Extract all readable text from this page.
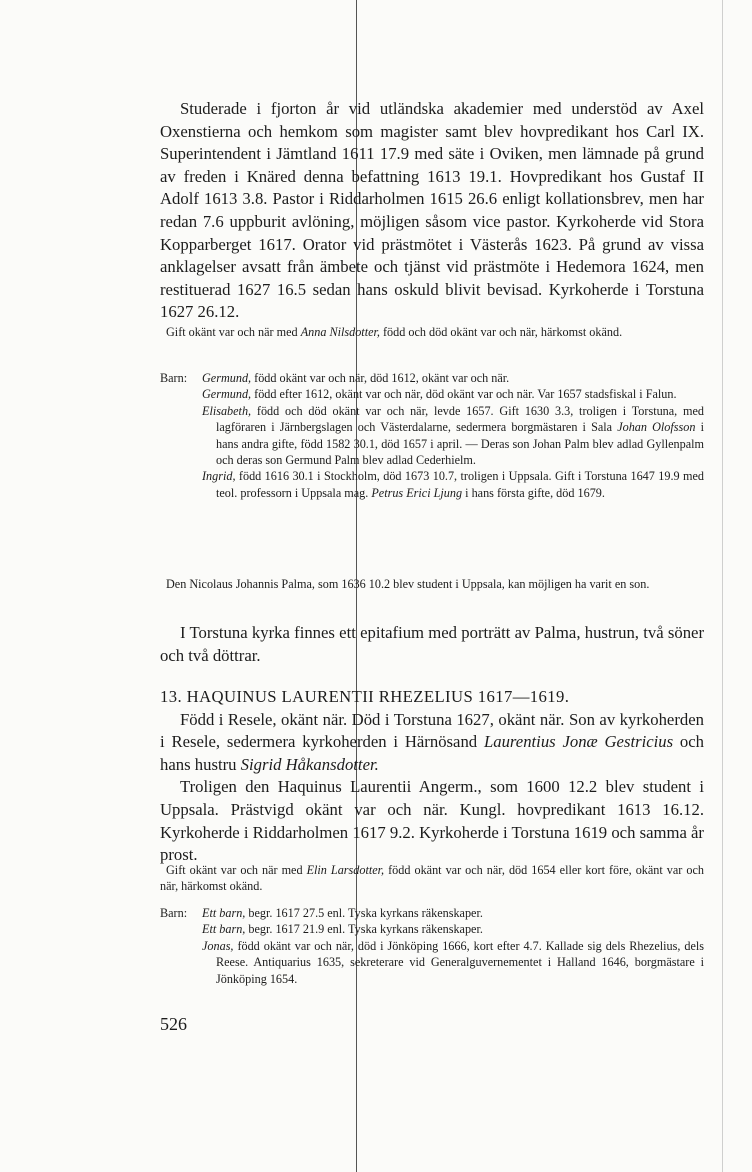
Studerade i fjorton år vid utländska akademier med understöd av Axel Oxenstierna och hemkom som magister samt blev hovpredikant hos Carl IX. Superintendent i Jämtland 1611 17.9 med säte i Oviken, men lämnade på grund av freden i Knäred denna befattning 1613 19.1. Hovpredikant hos Gustaf II Adolf 1613 3.8. Pastor i Riddarholmen 1615 26.6 enligt kollationsbrev, men har redan 7.6 uppburit avlöning, möjligen såsom vice pastor. Kyrkoherde vid Stora Kopparberget 1617. Orator vid prästmötet i Västerås 1623. På grund av vissa anklagelser avsatt från ämbete och tjänst vid prästmöte i Hedemora 1624, men restituerad 1627 16.5 sedan hans oskuld blivit bevisad. Kyrkoherde i Torstuna 1627 26.12.

Gift okänt var och när med Anna Nilsdotter, född och död okänt var och när, härkomst okänd.

Barn: Germund, född okänt var och när, död 1612, okänt var och när.

Germund, född efter 1612, okänt var och när, död okänt var och när. Var 1657 stadsfiskal i Falun.

Elisabeth, född och död okänt var och när, levde 1657. Gift 1630 3.3, troligen i Torstuna, med lagföraren i Järnbergslagen och Västerdalarne, sedermera borgmästaren i Sala Johan Olofsson i hans andra gifte, född 1582 30.1, död 1657 i april. — Deras son Johan Palm blev adlad Gyllenpalm och deras son Germund Palm blev adlad Cederhielm.

Ingrid, född 1616 30.1 i Stockholm, död 1673 10.7, troligen i Uppsala. Gift i Torstuna 1647 19.9 med teol. professorn i Uppsala mag. Petrus Erici Ljung i hans första gifte, död 1679.

Den Nicolaus Johannis Palma, som 1636 10.2 blev student i Uppsala, kan möjligen ha varit en son.

I Torstuna kyrka finnes ett epitafium med porträtt av Palma, hustrun, två söner och två döttrar.

13. HAQUINUS LAURENTII RHEZELIUS 1617—1619.

Född i Resele, okänt när. Död i Torstuna 1627, okänt när. Son av kyrkoherden i Resele, sedermera kyrkoherden i Härnösand Laurentius Jonæ Gestricius och hans hustru Sigrid Håkansdotter.

Troligen den Haquinus Laurentii Angerm., som 1600 12.2 blev student i Uppsala. Prästvigd okänt var och när. Kungl. hovpredikant 1613 16.12. Kyrkoherde i Riddarholmen 1617 9.2. Kyrkoherde i Torstuna 1619 och samma år prost.

Gift okänt var och när med Elin Larsdotter, född okänt var och när, död 1654 eller kort före, okänt var och när, härkomst okänd.

Barn: Ett barn, begr. 1617 27.5 enl. Tyska kyrkans räkenskaper.

Ett barn, begr. 1617 21.9 enl. Tyska kyrkans räkenskaper.

Jonas, född okänt var och när, död i Jönköping 1666, kort efter 4.7. Kallade sig dels Rhezelius, dels Reese. Antiquarius 1635, sekreterare vid Generalguvernementet i Halland 1646, borgmästare i Jönköping 1654.

526
